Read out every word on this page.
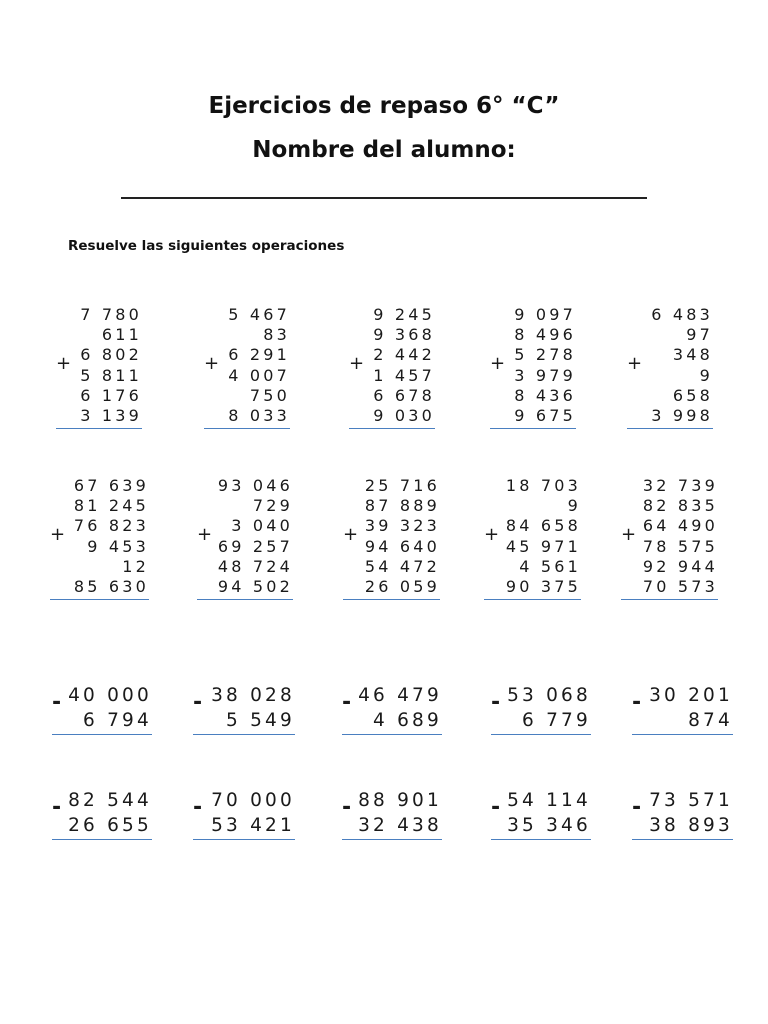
Ejercicios de repaso 6° “C”
Nombre del alumno:
Resuelve las siguientes operaciones
+
7 780
611
6 802
5 811
6 176
3 139
+
5 467
83
6 291
4 007
750
8 033
+
9 245
9 368
2 442
1 457
6 678
9 030
+
9 097
8 496
5 278
3 979
8 436
9 675
+
6 483
97
348
9
658
3 998
+
67 639
81 245
76 823
9 453
12
85 630
+
93 046
729
3 040
69 257
48 724
94 502
+
25 716
87 889
39 323
94 640
54 472
26 059
+
18 703
9
84 658
45 971
4 561
90 375
+
32 739
82 835
64 490
78 575
92 944
70 573
- 40 000
6 794
- 38 028
5 549
- 46 479
4 689
- 53 068
6 779
- 30 201
874
- 82 544
26 655
- 70 000
53 421
- 88 901
32 438
- 54 114
35 346
- 73 571
38 893
